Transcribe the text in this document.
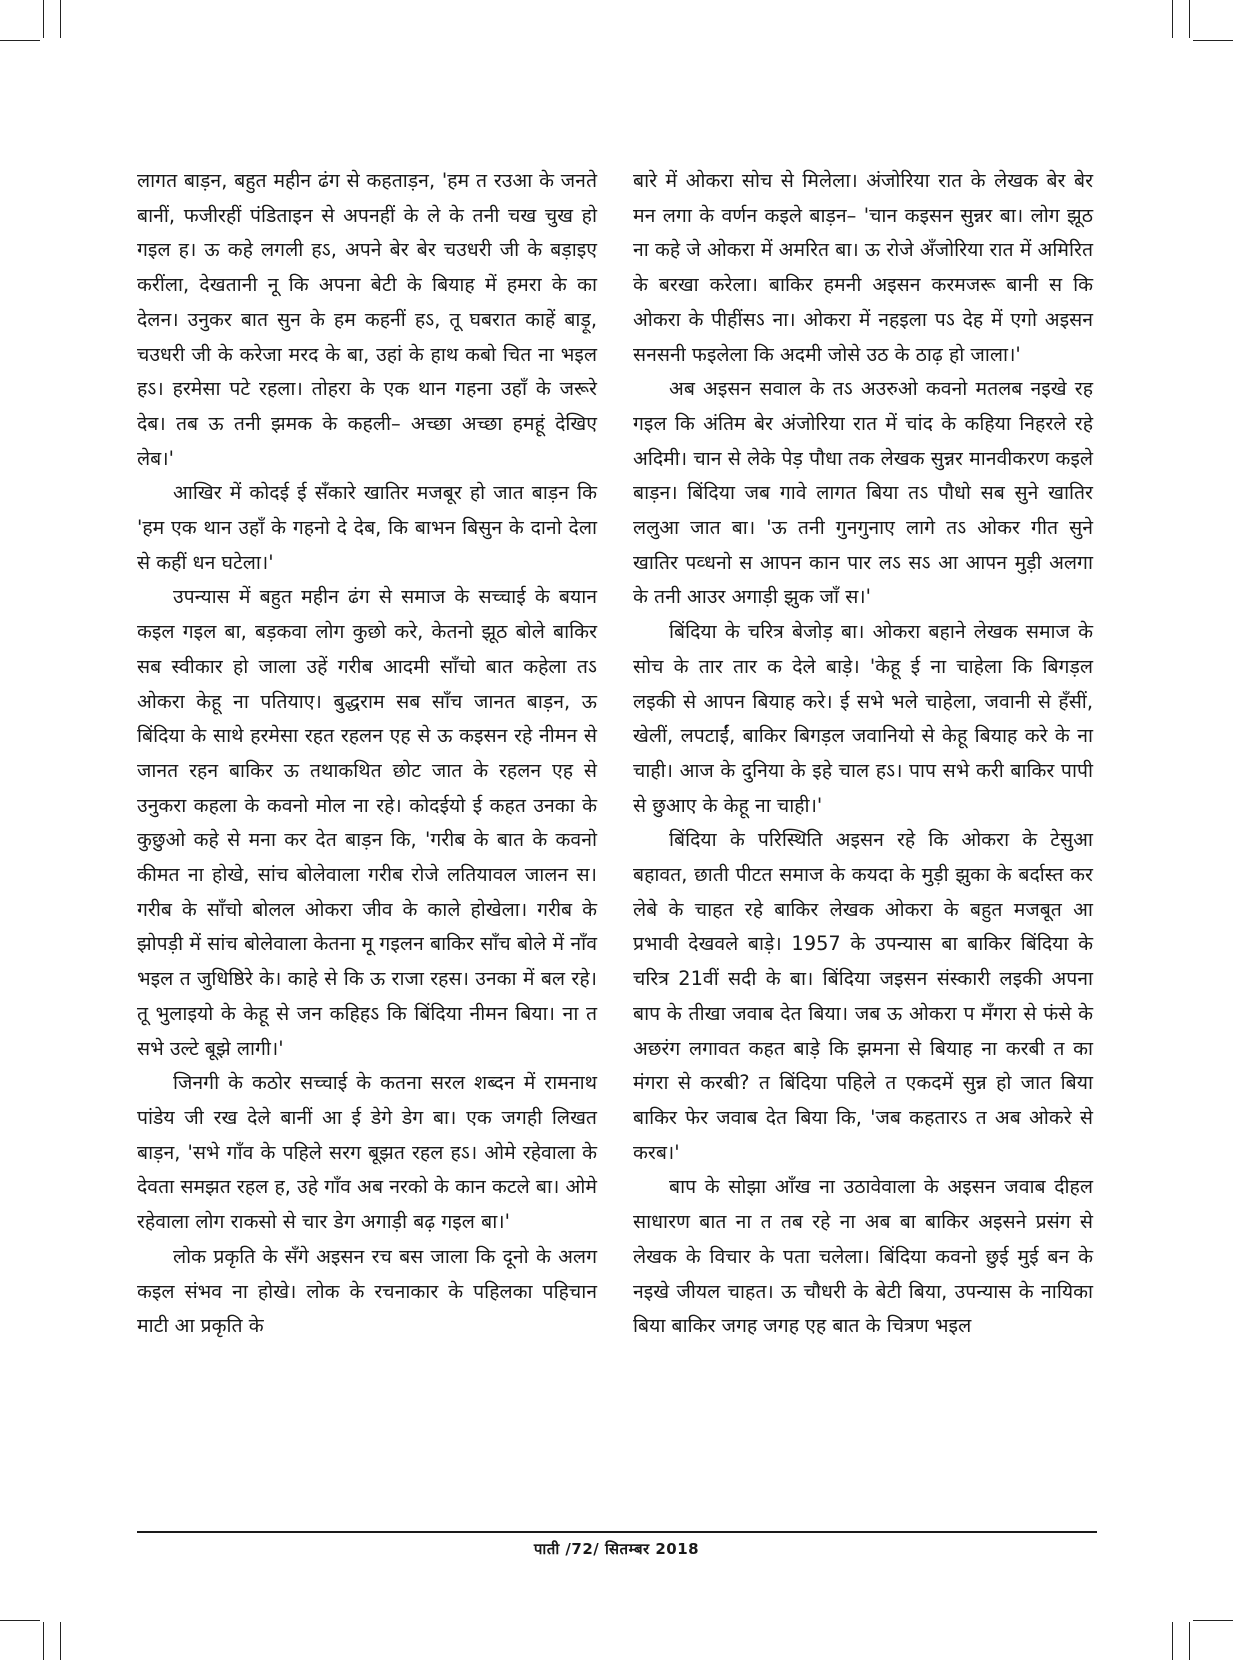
लागत बाड़न, बहुत महीन ढंग से कहताड़न, 'हम त रउआ के जनते बानीं, फजीरहीं पंडिताइन से अपनहीं के ले के तनी चख चुख हो गइल ह। ऊ कहे लगली हऽ, अपने बेर बेर चउधरी जी के बड़ाइए करींला, देखतानी नू कि अपना बेटी के बियाह में हमरा के का देलन। उनुकर बात सुन के हम कहनीं हऽ, तू घबरात काहें बाड़ू, चउधरी जी के करेजा मरद के बा, उहां के हाथ कबो चित ना भइल हऽ। हरमेसा पटे रहला। तोहरा के एक थान गहना उहाँ के जरूरे देब। तब ऊ तनी झमक के कहली– अच्छा अच्छा हमहूं देखिए लेब।'

आखिर में कोदई ई सँकारे खातिर मजबूर हो जात बाड़न कि 'हम एक थान उहाँ के गहनो दे देब, कि बाभन बिसुन के दानो देला से कहीं धन घटेला।'

उपन्यास में बहुत महीन ढंग से समाज के सच्चाई के बयान कइल गइल बा, बड़कवा लोग कुछो करे, केतनो झूठ बोले बाकिर सब स्वीकार हो जाला उहें गरीब आदमी साँचो बात कहेला तऽ ओकरा केहू ना पतियाए। बुद्धराम सब साँच जानत बाड़न, ऊ बिंदिया के साथे हरमेसा रहत रहलन एह से ऊ कइसन रहे नीमन से जानत रहन बाकिर ऊ तथाकथित छोट जात के रहलन एह से उनुकरा कहला के कवनो मोल ना रहे। कोदईयो ई कहत उनका के कुछुओ कहे से मना कर देत बाड़न कि, 'गरीब के बात के कवनो कीमत ना होखे, सांच बोलेवाला गरीब रोजे लतियावल जालन स। गरीब के साँचो बोलल ओकरा जीव के काले होखेला। गरीब के झोपड़ी में सांच बोलेवाला केतना मू गइलन बाकिर साँच बोले में नाँव भइल त जुधिष्ठिरे के। काहे से कि ऊ राजा रहस। उनका में बल रहे। तू भुलाइयो के केहू से जन कहिहऽ कि बिंदिया नीमन बिया। ना त सभे उल्टे बूझे लागी।'

जिनगी के कठोर सच्चाई के कतना सरल शब्दन में रामनाथ पांडेय जी रख देले बानीं आ ई डेगे डेग बा। एक जगही लिखत बाड़न, 'सभे गाँव के पहिले सरग बूझत रहल हऽ। ओमे रहेवाला के देवता समझत रहल ह, उहे गाँव अब नरको के कान कटले बा। ओमे रहेवाला लोग राकसो से चार डेग अगाड़ी बढ़ गइल बा।'

लोक प्रकृति के सँगे अइसन रच बस जाला कि दूनो के अलग कइल संभव ना होखे। लोक के रचनाकार के पहिलका पहिचान माटी आ प्रकृति के

बारे में ओकरा सोच से मिलेला। अंजोरिया रात के लेखक बेर बेर मन लगा के वर्णन कइले बाड़न– 'चान कइसन सुन्नर बा। लोग झूठ ना कहे जे ओकरा में अमरित बा। ऊ रोजे अँजोरिया रात में अमिरित के बरखा करेला। बाकिर हमनी अइसन करमजरू बानी स कि ओकरा के पीहींसऽ ना। ओकरा में नहइला पऽ देह में एगो अइसन सनसनी फइलेला कि अदमी जोसे उठ के ठाढ़ हो जाला।'

अब अइसन सवाल के तऽ अउरुओ कवनो मतलब नइखे रह गइल कि अंतिम बेर अंजोरिया रात में चांद के कहिया निहरले रहे अदिमी। चान से लेके पेड़ पौधा तक लेखक सुन्नर मानवीकरण कइले बाड़न। बिंदिया जब गावे लागत बिया तऽ पौधो सब सुने खातिर ललुआ जात बा। 'ऊ तनी गुनगुनाए लागे तऽ ओकर गीत सुने खातिर पव्धनो स आपन कान पार लऽ सऽ आ आपन मुड़ी अलगा के तनी आउर अगाड़ी झुक जाँ स।'

बिंदिया के चरित्र बेजोड़ बा। ओकरा बहाने लेखक समाज के सोच के तार तार क देले बाड़े। 'केहू ई ना चाहेला कि बिगड़ल लइकी से आपन बियाह करे। ई सभे भले चाहेला, जवानी से हँसीं, खेलीं, लपटाईं, बाकिर बिगड़ल जवानियो से केहू बियाह करे के ना चाही। आज के दुनिया के इहे चाल हऽ। पाप सभे करी बाकिर पापी से छुआए के केहू ना चाही।'

बिंदिया के परिस्थिति अइसन रहे कि ओकरा के टेसुआ बहावत, छाती पीटत समाज के कयदा के मुड़ी झुका के बर्दास्त कर लेबे के चाहत रहे बाकिर लेखक ओकरा के बहुत मजबूत आ प्रभावी देखवले बाड़े। 1957 के उपन्यास बा बाकिर बिंदिया के चरित्र 21वीं सदी के बा। बिंदिया जइसन संस्कारी लइकी अपना बाप के तीखा जवाब देत बिया। जब ऊ ओकरा प मँगरा से फंसे के अछरंग लगावत कहत बाड़े कि झमना से बियाह ना करबी त का मंगरा से करबी? त बिंदिया पहिले त एकदमें सुन्न हो जात बिया बाकिर फेर जवाब देत बिया कि, 'जब कहतारऽ त अब ओकरे से करब।'

बाप के सोझा आँख ना उठावेवाला के अइसन जवाब दीहल साधारण बात ना त तब रहे ना अब बा बाकिर अइसने प्रसंग से लेखक के विचार के पता चलेला। बिंदिया कवनो छुई मुई बन के नइखे जीयल चाहत। ऊ चौधरी के बेटी बिया, उपन्यास के नायिका बिया बाकिर जगह जगह एह बात के चित्रण भइल

पाती /72/ सितम्बर 2018
